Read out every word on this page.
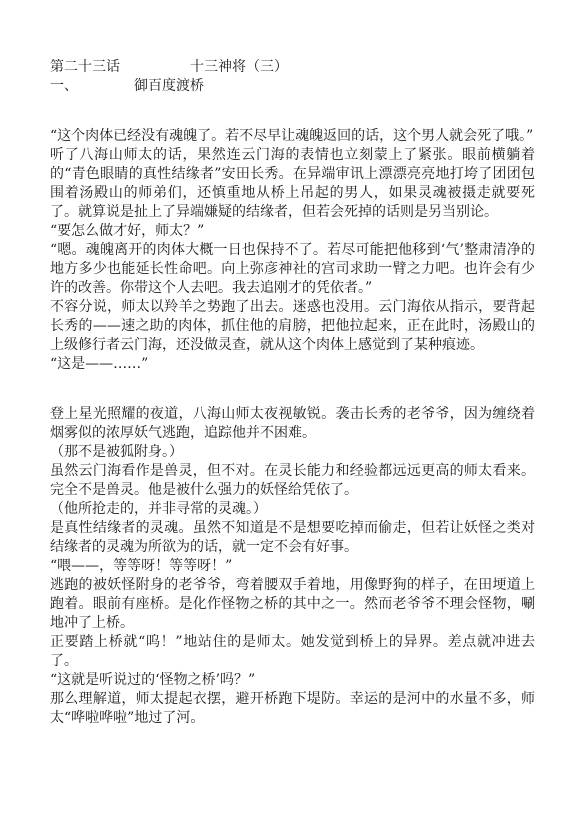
第二十三话	十三神将（三）
一、	御百度渡桥

“这个肉体已经没有魂魄了。若不尽早让魂魄返回的话，这个男人就会死了哦。”

听了八海山师太的话，果然连云门海的表情也立刻蒙上了紧张。眼前横躺着的“青色眼睛的真性结缘者”安田长秀。在异端审讯上漂漂亮亮地打垮了团团包围着汤殿山的师弟们，还慎重地从桥上吊起的男人，如果灵魂被摄走就要死了。就算说是扯上了异端嫌疑的结缘者，但若会死掉的话则是另当别论。

“要怎么做才好，师太？”

“嗯。魂魄离开的肉体大概一日也保持不了。若尽可能把他移到‘气’整肃清净的地方多少也能延长性命吧。向上弥彦神社的宫司求助一臂之力吧。也许会有少许的改善。你带这个人去吧。我去追刚才的凭依者。”

不容分说，师太以羚羊之势跑了出去。迷惑也没用。云门海依从指示，要背起长秀的——速之助的肉体，抓住他的肩膀，把他拉起来，正在此时，汤殿山的上级修行者云门海，还没做灵查，就从这个肉体上感觉到了某种痕迹。

“这是——……”

登上星光照耀的夜道，八海山师太夜视敏锐。袭击长秀的老爷爷，因为缠绕着烟雾似的浓厚妖气逃跑，追踪他并不困难。

（那不是被狐附身。）

虽然云门海看作是兽灵，但不对。在灵长能力和经验都远远更高的师太看来。完全不是兽灵。他是被什么强力的妖怪给凭依了。

（他所抢走的，并非寻常的灵魂。）

是真性结缘者的灵魂。虽然不知道是不是想要吃掉而偷走，但若让妖怪之类对结缘者的灵魂为所欲为的话，就一定不会有好事。

“喂——，等等呀！等等呀！”

逃跑的被妖怪附身的老爷爷，弯着腰双手着地，用像野狗的样子，在田埂道上跑着。眼前有座桥。是化作怪物之桥的其中之一。然而老爷爷不理会怪物，唰地冲了上桥。

正要踏上桥就“呜！”地站住的是师太。她发觉到桥上的异界。差点就冲进去了。

“这就是听说过的‘怪物之桥’吗？”

那么理解道，师太提起衣摆，避开桥跑下堤防。幸运的是河中的水量不多，师太“哗啦哗啦”地过了河。
